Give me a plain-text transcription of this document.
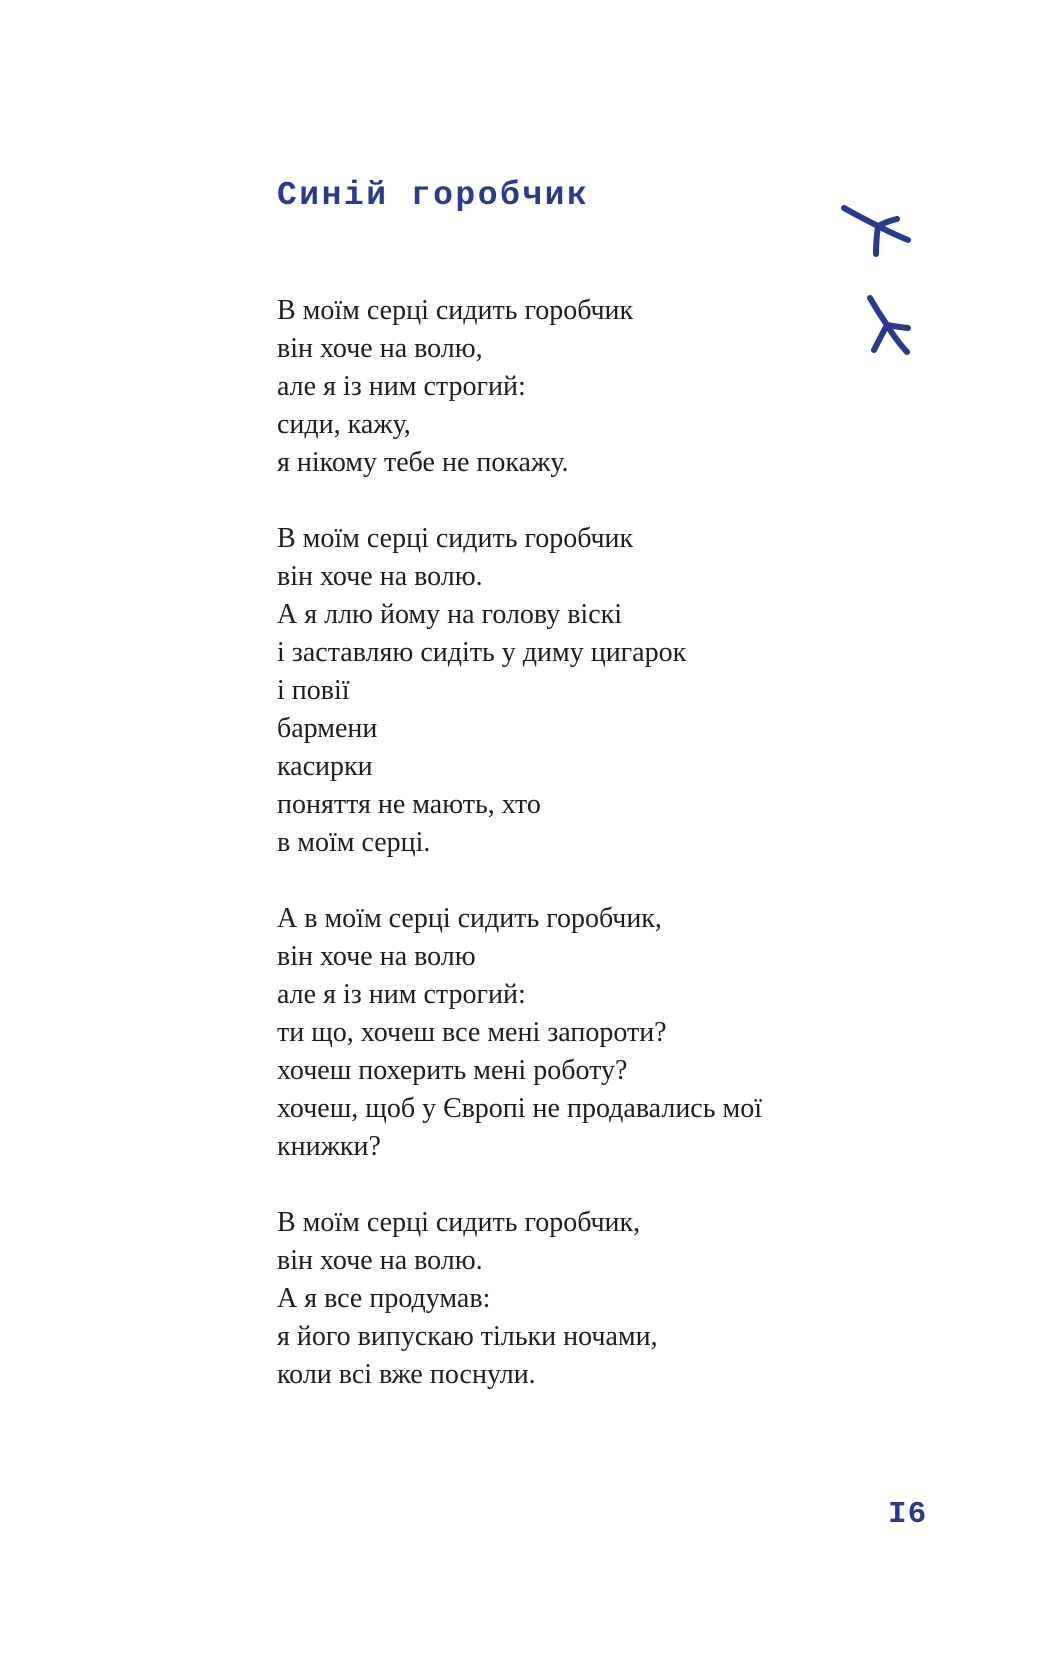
Синій горобчик
В моїм серці сидить горобчик
він хоче на волю,
але я із ним строгий:
сиди, кажу,
я нікому тебе не покажу.
В моїм серці сидить горобчик
він хоче на волю.
А я ллю йому на голову віскі
і заставляю сидіть у диму цигарок
і повії
бармени
касирки
поняття не мають, хто
в моїм серці.
А в моїм серці сидить горобчик,
він хоче на волю
але я із ним строгий:
ти що, хочеш все мені запороти?
хочеш похерить мені роботу?
хочеш, щоб у Європі не продавались мої
книжки?
В моїм серці сидить горобчик,
він хоче на волю.
А я все продумав:
я його випускаю тільки ночами,
коли всі вже поснули.
I6
